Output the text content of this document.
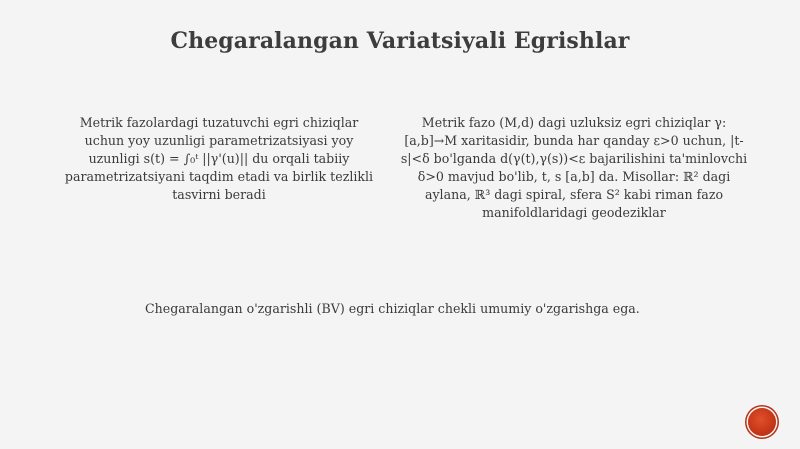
Chegaralangan Variatsiyali Egrishlar
Metrik fazolardagi tuzatuvchi egri chiziqlar uchun yoy uzunligi parametrizatsiyasi yoy uzunligi s(t) = ∫₀ᵗ ||γ'(u)|| du orqali tabiiy parametrizatsiyani taqdim etadi va birlik tezlikli tasvirni beradi
Metrik fazo (M,d) dagi uzluksiz egri chiziqlar γ: [a,b]→M xaritasidir, bunda har qanday ε>0 uchun, |t-s|<δ bo'lganda d(γ(t),γ(s))<ε bajarilishini ta'minlovchi δ>0 mavjud bo'lib, t, s [a,b] da. Misollar: ℝ² dagi aylana, ℝ³ dagi spiral, sfera S² kabi riman fazo manifoldlaridagi geodeziklar
Chegaralangan o'zgarishli (BV) egri chiziqlar chekli umumiy o'zgarishga ega.
